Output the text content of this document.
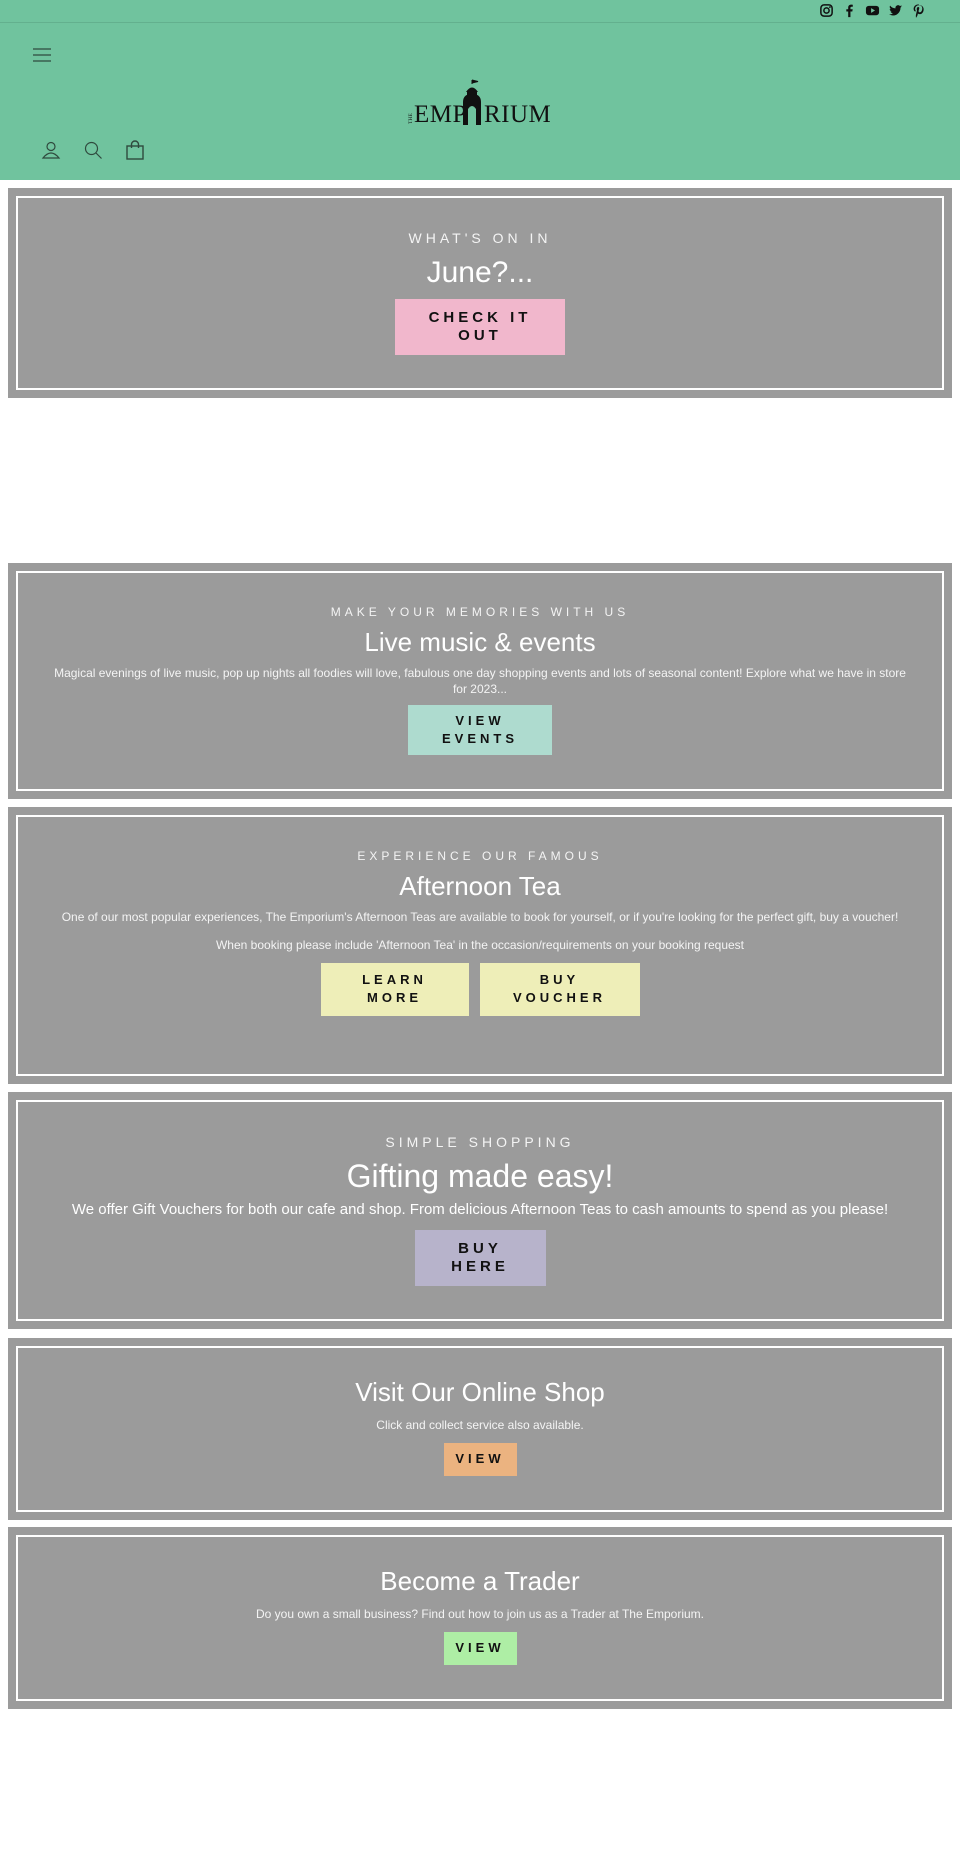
THE EMP RIUM
WHAT'S ON IN
June?...
CHECK IT OUT
MAKE YOUR MEMORIES WITH US
Live music & events
Magical evenings of live music, pop up nights all foodies will love, fabulous one day shopping events and lots of seasonal content! Explore what we have in store for 2023...
VIEW EVENTS
EXPERIENCE OUR FAMOUS
Afternoon Tea
One of our most popular experiences, The Emporium's Afternoon Teas are available to book for yourself, or if you're looking for the perfect gift, buy a voucher!
When booking please include 'Afternoon Tea' in the occasion/requirements on your booking request
LEARN MORE
BUY VOUCHER
SIMPLE SHOPPING
Gifting made easy!
We offer Gift Vouchers for both our cafe and shop. From delicious Afternoon Teas to cash amounts to spend as you please!
BUY HERE
Visit Our Online Shop
Click and collect service also available.
VIEW
Become a Trader
Do you own a small business? Find out how to join us as a Trader at The Emporium.
VIEW
